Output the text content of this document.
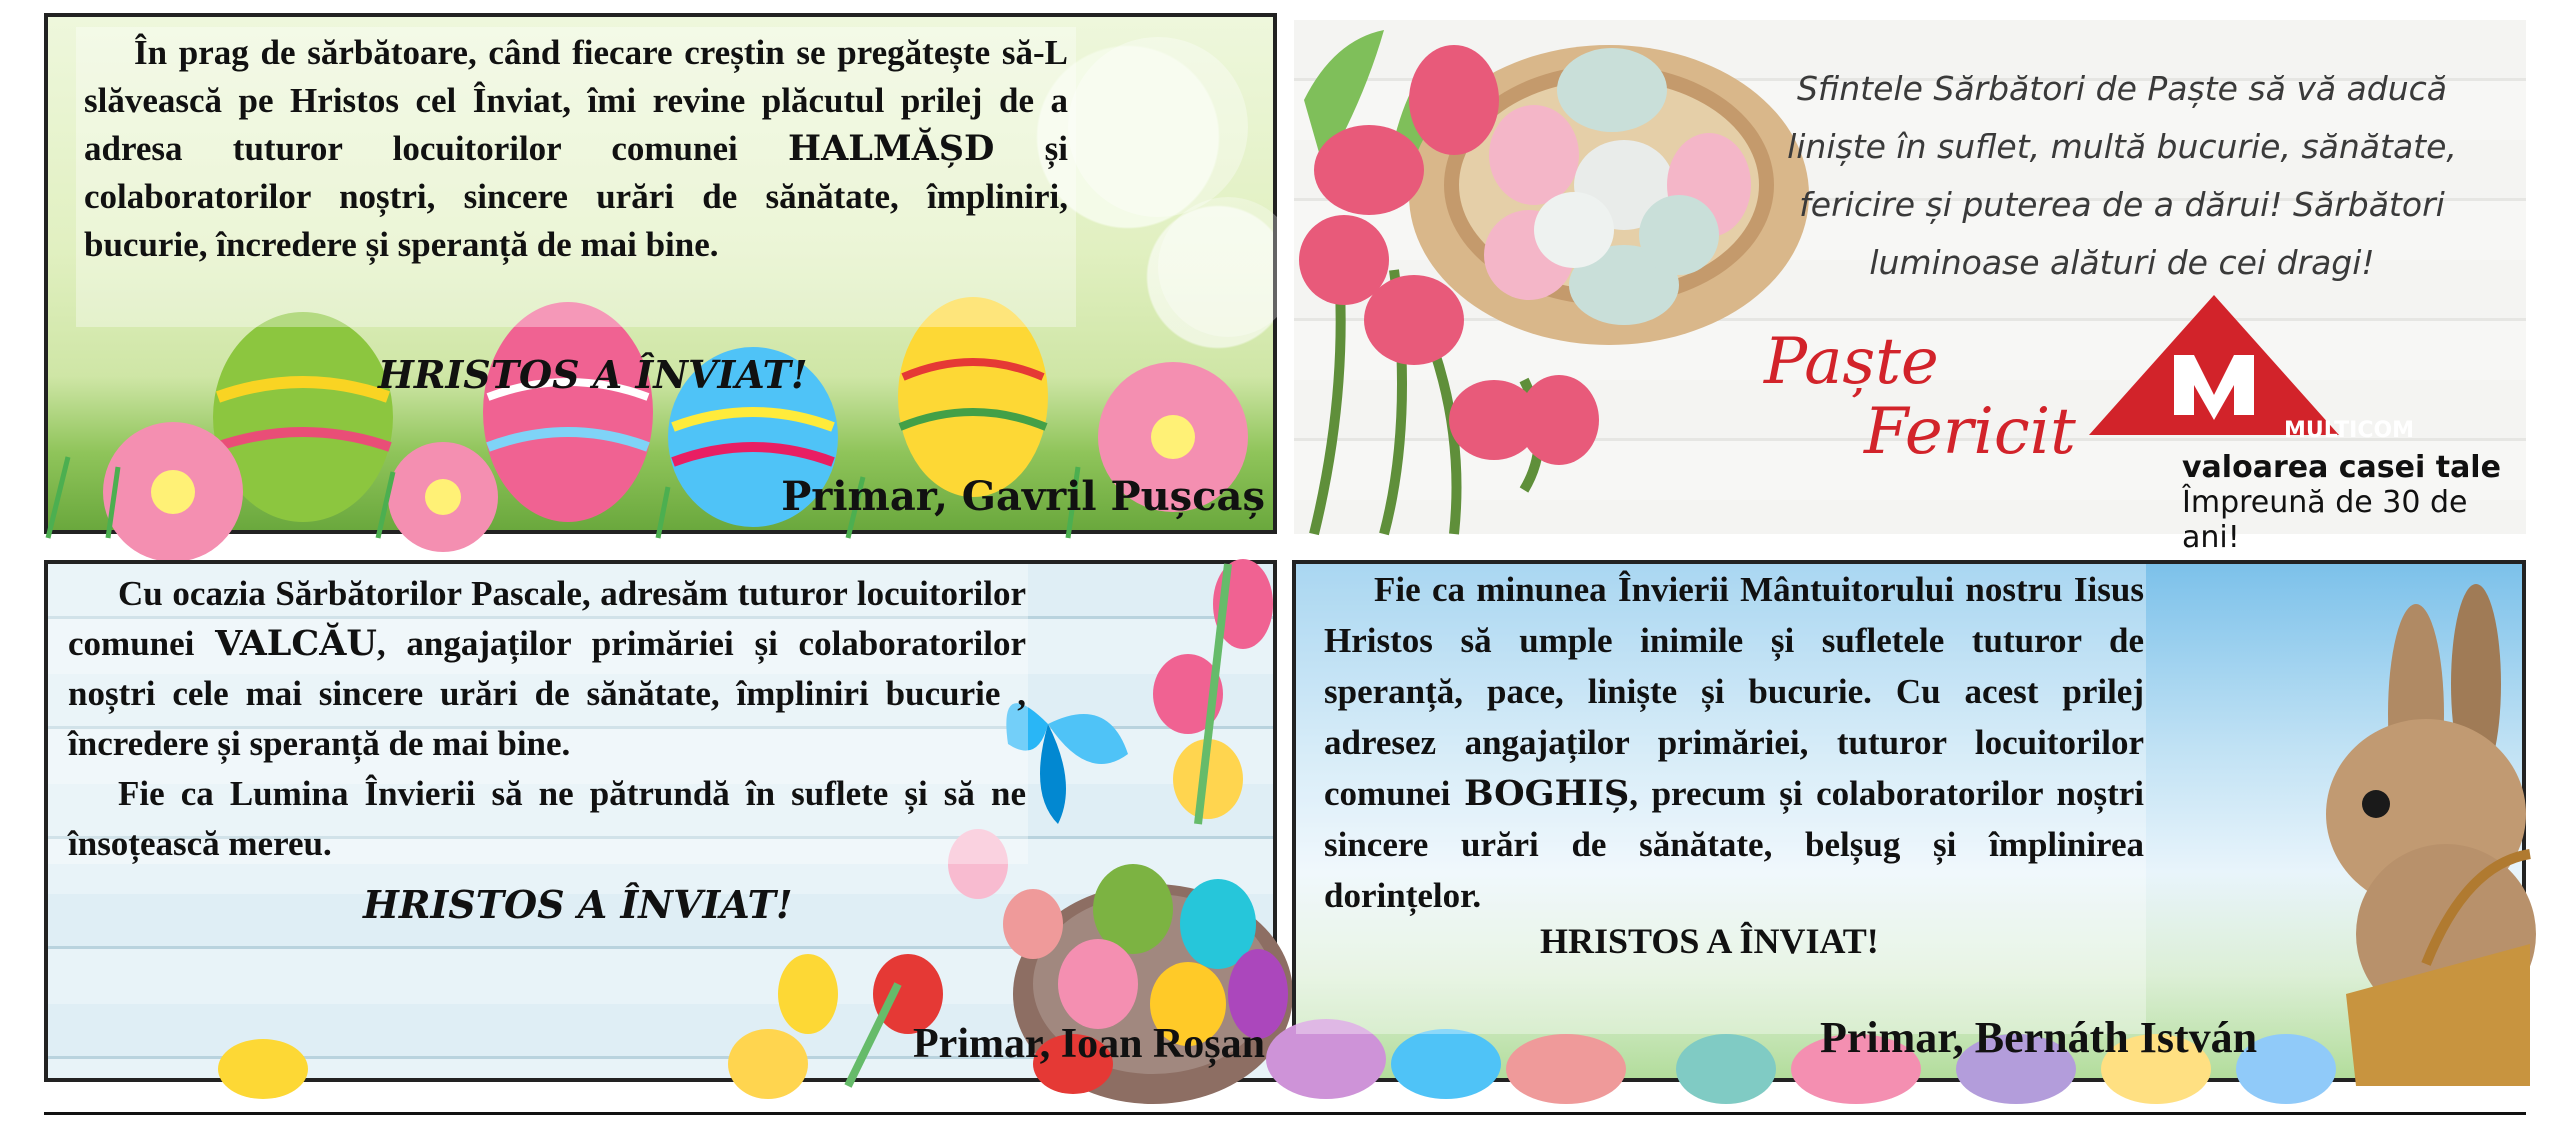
În prag de sărbătoare, când fiecare creștin se pregătește să-L slăvească pe Hristos cel Înviat, îmi revine plăcutul prilej de a adresa tuturor locuitorilor comunei HALMĂȘD și colaboratorilor noștri, sincere urări de sănătate, împliniri, bucurie, încredere și speranță de mai bine.
HRISTOS A ÎNVIAT!
Primar, Gavril Pușcaș
Sfintele Sărbători de Paște să vă aducă liniște în suflet, multă bucurie, sănătate, fericire și puterea de a dărui! Sărbători luminoase alături de cei dragi!
Paște
Fericit	MULTICOM
valoarea casei tale
Împreună de 30 de ani!
Cu ocazia Sărbătorilor Pascale, adresăm tuturor locuitorilor comunei VALCĂU, angajaților primăriei și colaboratorilor noștri cele mai sincere urări de sănătate, împliniri bucurie , încredere și speranță de mai bine.
Fie ca Lumina Învierii să ne pătrundă în suflete și să ne însoțească mereu.
HRISTOS A ÎNVIAT!
Primar, Ioan Roșan
Fie ca minunea Învierii Mântuitorului nostru Iisus Hristos să umple inimile și sufletele tuturor de speranță, pace, liniște și bucurie. Cu acest prilej adresez angajaților primăriei, tuturor locuitorilor comunei BOGHIȘ, precum și colaboratorilor noștri sincere urări de sănătate, belșug și împlinirea dorințelor.
HRISTOS A ÎNVIAT!
Primar, Bernáth István
